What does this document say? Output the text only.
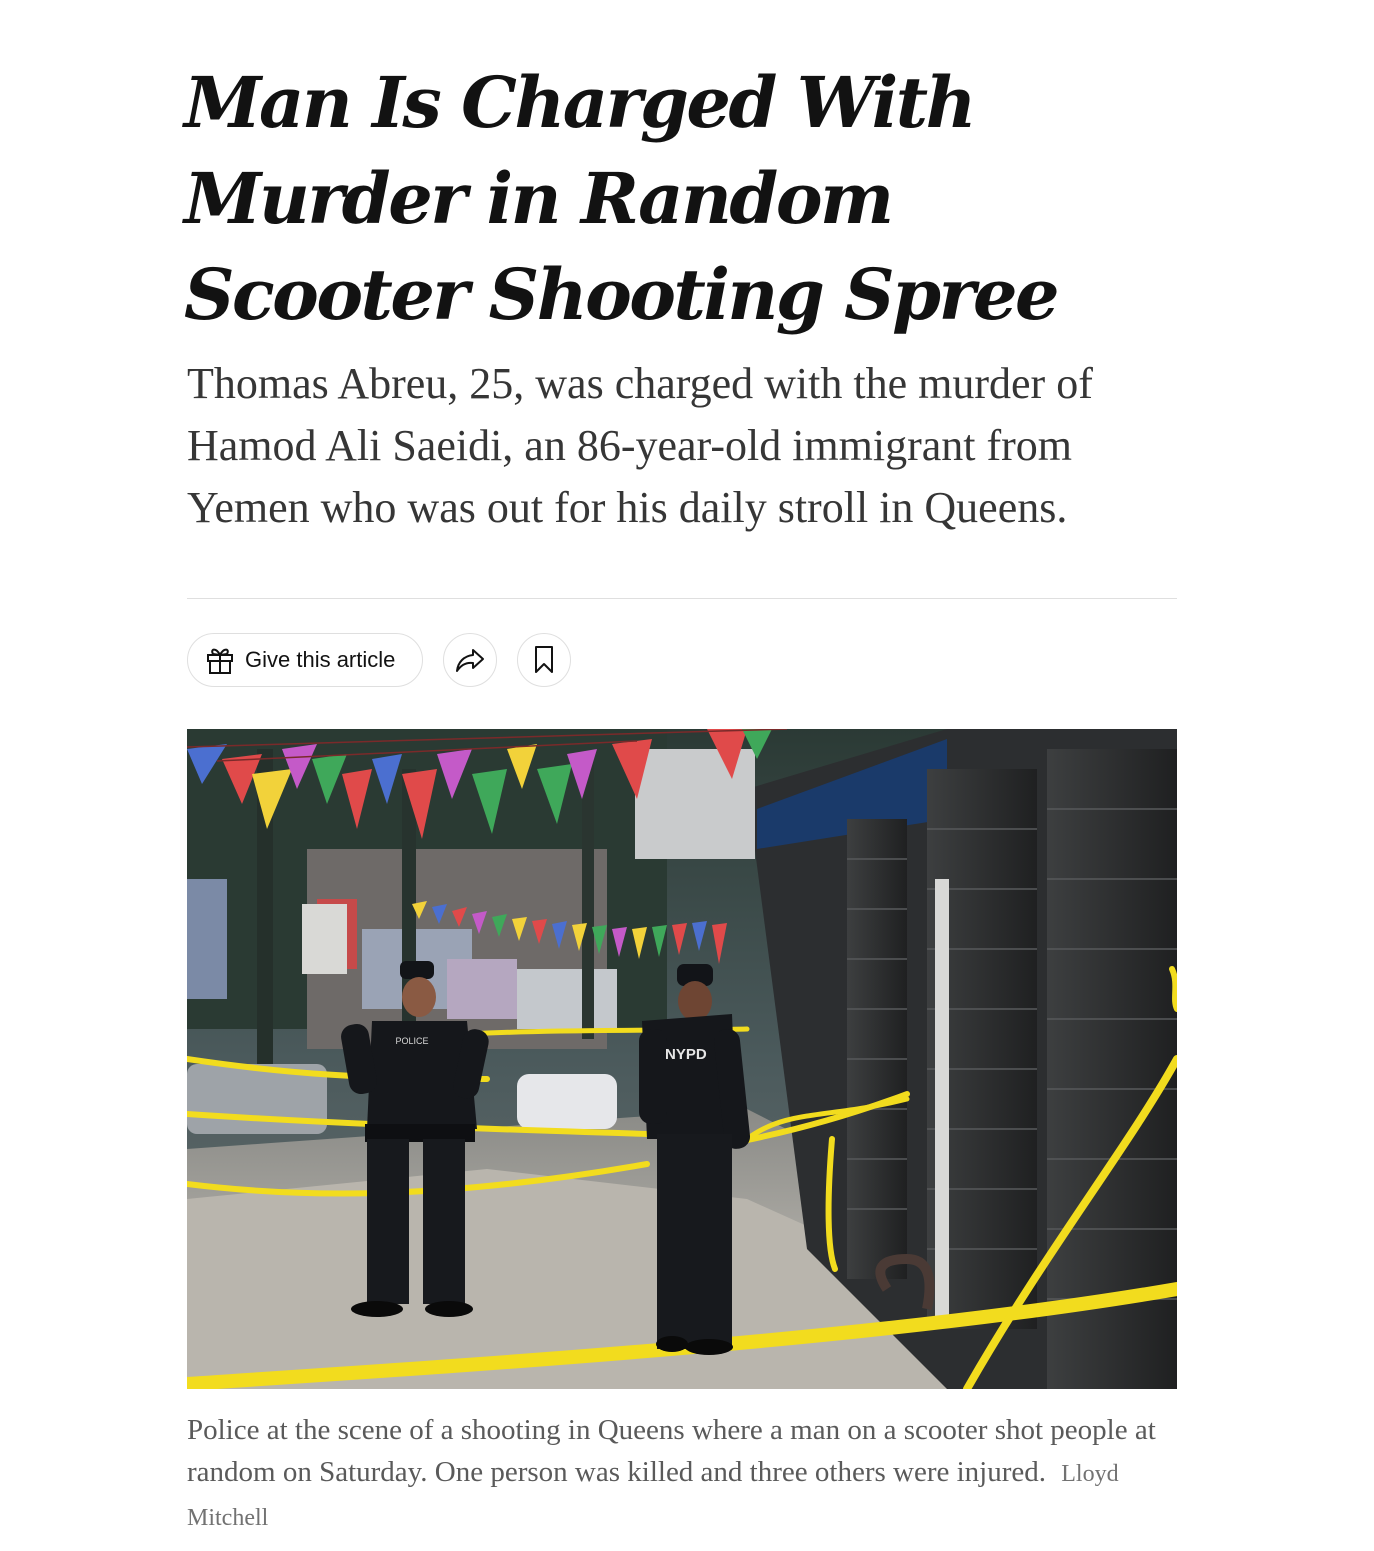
Man Is Charged With Murder in Random Scooter Shooting Spree

Thomas Abreu, 25, was charged with the murder of Hamod Ali Saeidi, an 86-year-old immigrant from Yemen who was out for his daily stroll in Queens.

Give this article
POLICE
NYPD

Police at the scene of a shooting in Queens where a man on a scooter shot people at random on Saturday. One person was killed and three others were injured. Lloyd Mitchell
